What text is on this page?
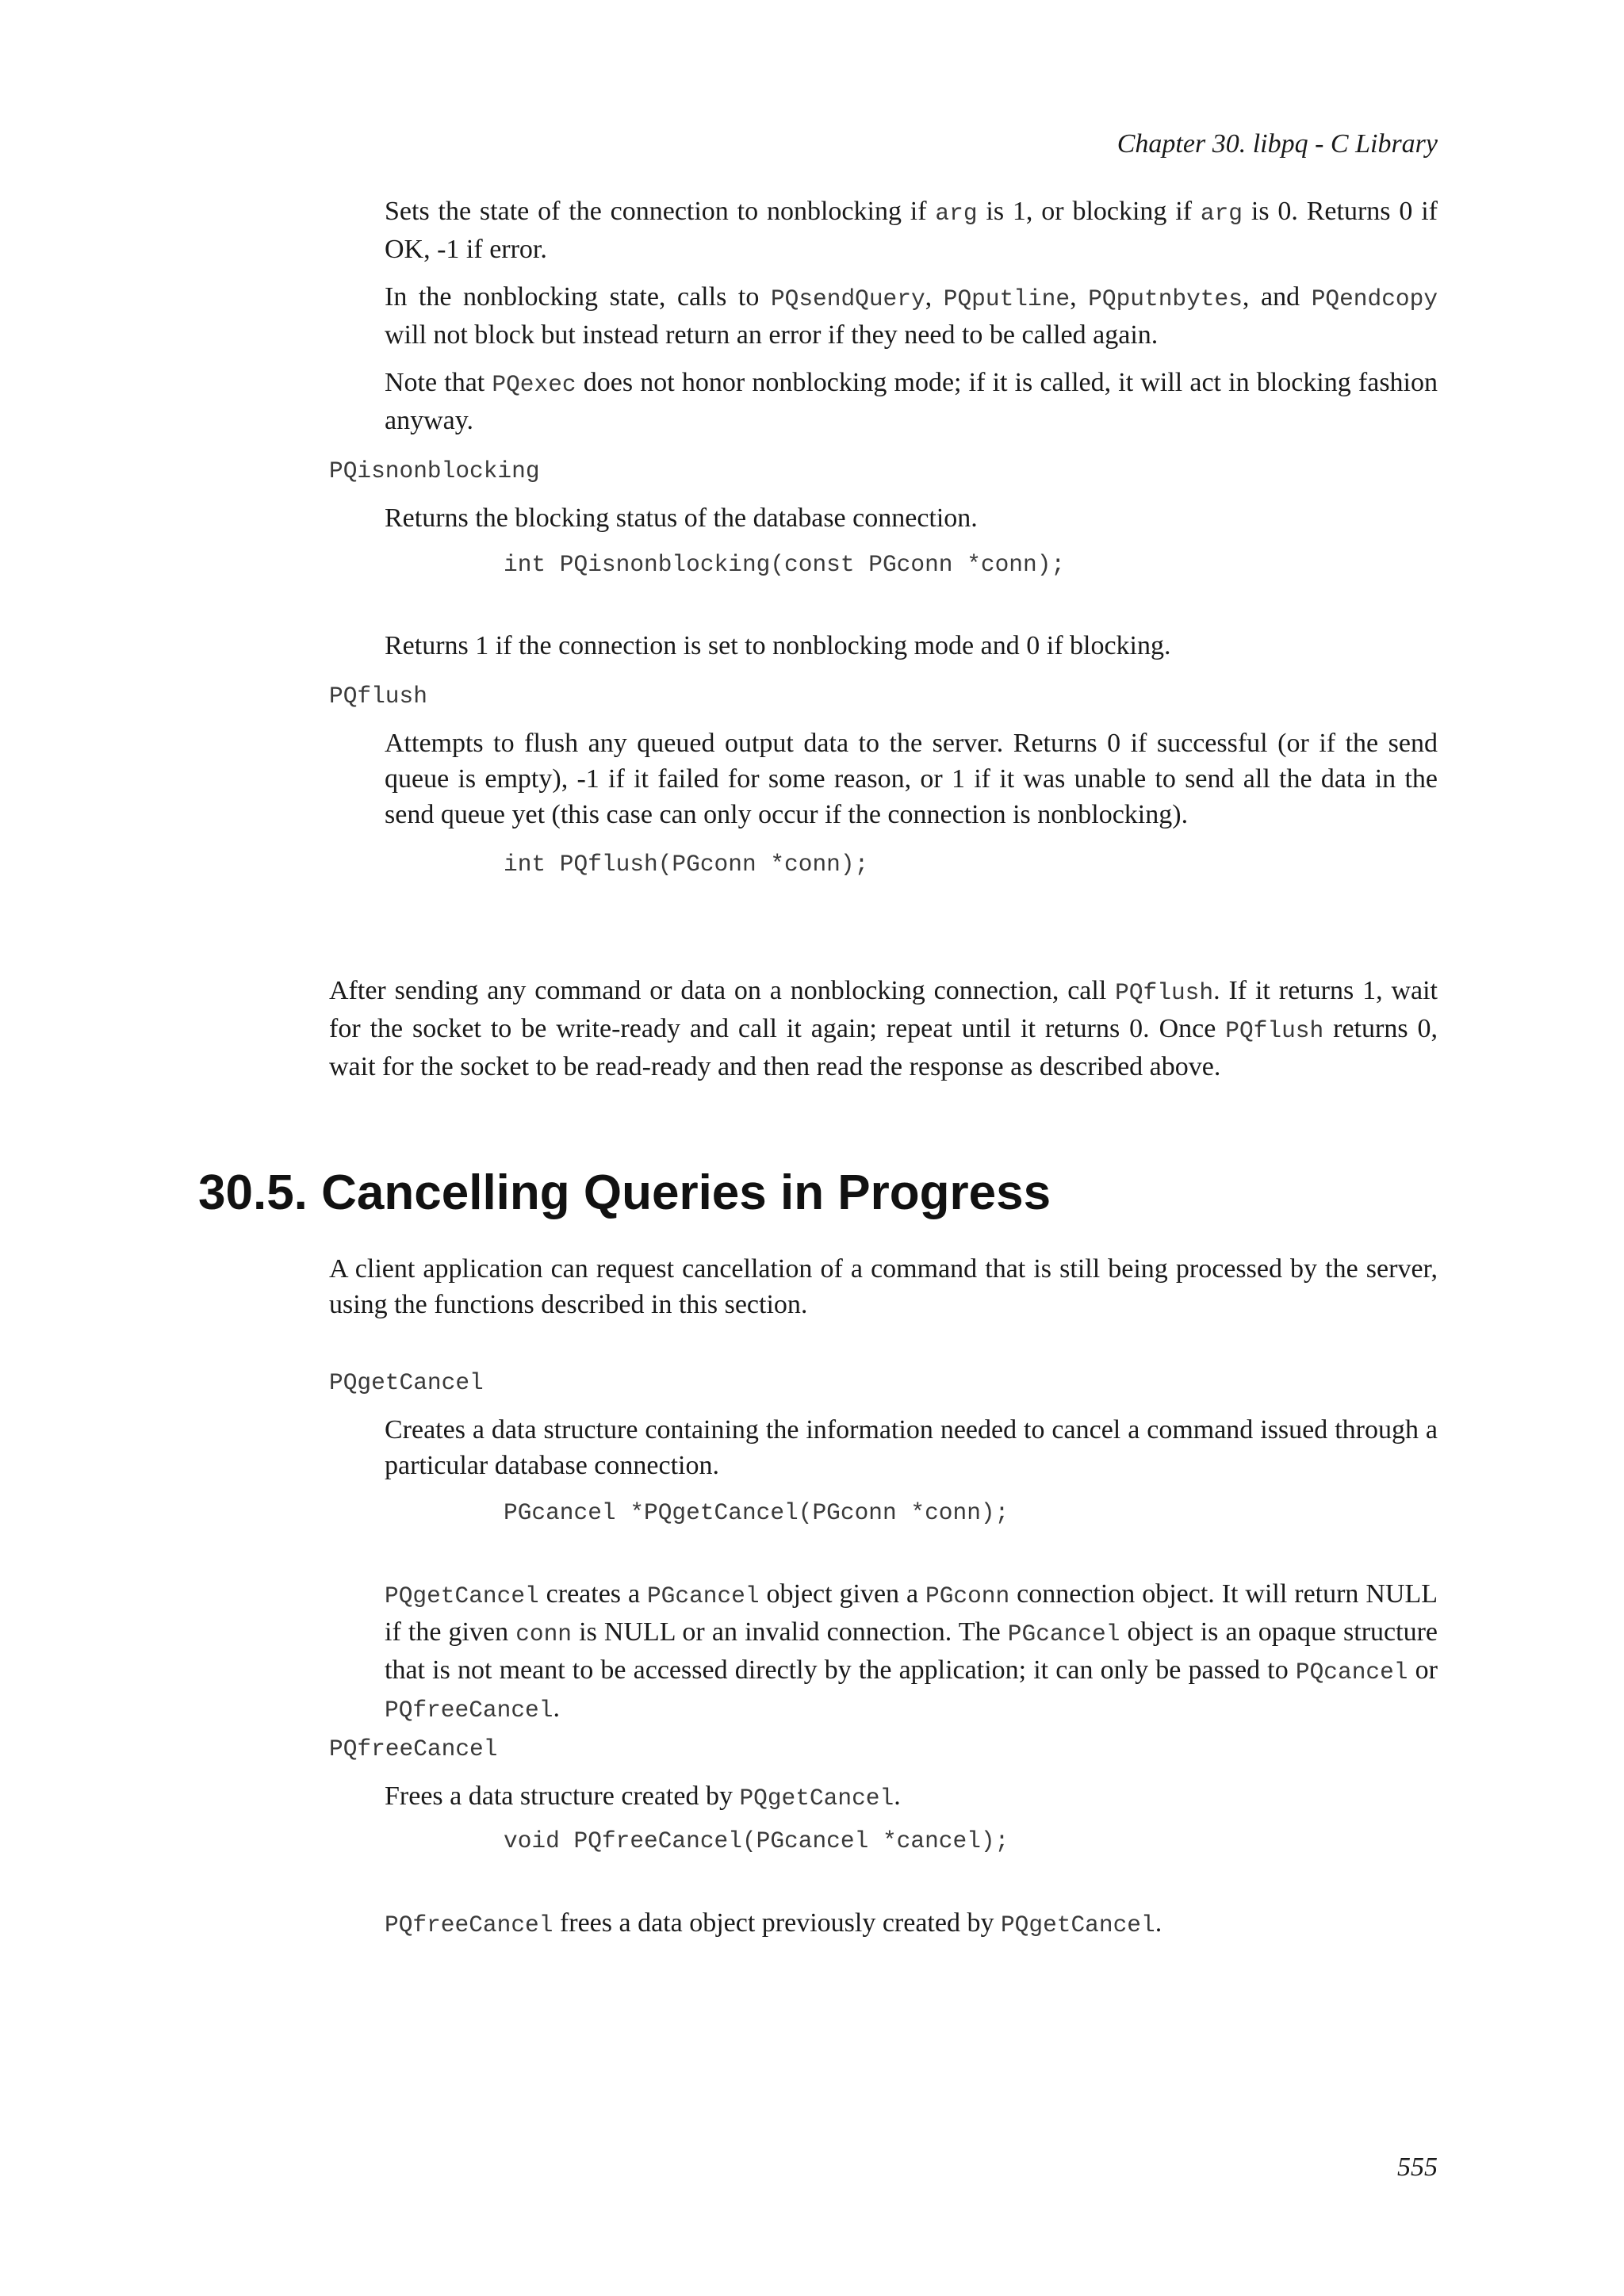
Chapter 30. libpq - C Library

Sets the state of the connection to nonblocking if arg is 1, or blocking if arg is 0. Returns 0 if OK, -1 if error.

In the nonblocking state, calls to PQsendQuery, PQputline, PQputnbytes, and PQendcopy will not block but instead return an error if they need to be called again.

Note that PQexec does not honor nonblocking mode; if it is called, it will act in blocking fashion anyway.

PQisnonblocking

Returns the blocking status of the database connection.

int PQisnonblocking(const PGconn *conn);

Returns 1 if the connection is set to nonblocking mode and 0 if blocking.

PQflush

Attempts to flush any queued output data to the server. Returns 0 if successful (or if the send queue is empty), -1 if it failed for some reason, or 1 if it was unable to send all the data in the send queue yet (this case can only occur if the connection is nonblocking).

int PQflush(PGconn *conn);

After sending any command or data on a nonblocking connection, call PQflush. If it returns 1, wait for the socket to be write-ready and call it again; repeat until it returns 0. Once PQflush returns 0, wait for the socket to be read-ready and then read the response as described above.

30.5. Cancelling Queries in Progress

A client application can request cancellation of a command that is still being processed by the server, using the functions described in this section.

PQgetCancel

Creates a data structure containing the information needed to cancel a command issued through a particular database connection.

PGcancel *PQgetCancel(PGconn *conn);

PQgetCancel creates a PGcancel object given a PGconn connection object. It will return NULL if the given conn is NULL or an invalid connection. The PGcancel object is an opaque structure that is not meant to be accessed directly by the application; it can only be passed to PQcancel or PQfreeCancel.

PQfreeCancel

Frees a data structure created by PQgetCancel.

void PQfreeCancel(PGcancel *cancel);

PQfreeCancel frees a data object previously created by PQgetCancel.

555
